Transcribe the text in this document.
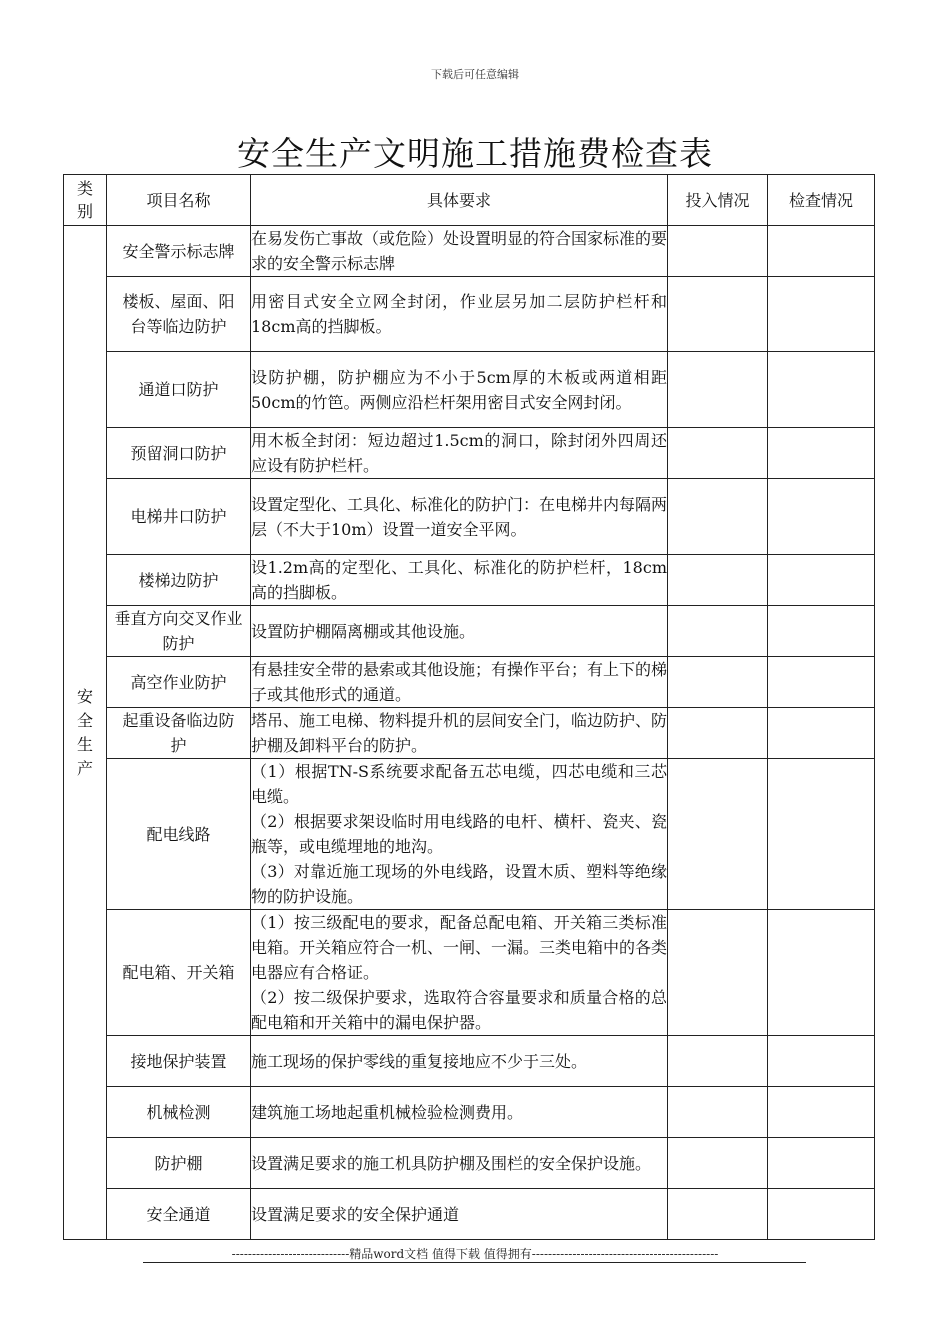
下载后可任意编辑
安全生产文明施工措施费检查表
类别	项目名称	具体要求	投入情况	检查情况
安全生产	安全警示标志牌	在易发伤亡事故（或危险）处设置明显的符合国家标准的要求的安全警示标志牌		

	楼板、屋面、阳台等临边防护	用密目式安全立网全封闭，作业层另加二层防护栏杆和18cm高的挡脚板。		

	通道口防护	设防护棚，防护棚应为不小于5cm厚的木板或两道相距50cm的竹笆。两侧应沿栏杆架用密目式安全网封闭。		

	预留洞口防护	用木板全封闭：短边超过1.5cm的洞口，除封闭外四周还应设有防护栏杆。		

	电梯井口防护	设置定型化、工具化、标准化的防护门：在电梯井内每隔两层（不大于10m）设置一道安全平网。		

	楼梯边防护	设1.2m高的定型化、工具化、标准化的防护栏杆，18cm高的挡脚板。		

	垂直方向交叉作业防护	设置防护棚隔离棚或其他设施。		

	高空作业防护	有悬挂安全带的悬索或其他设施；有操作平台；有上下的梯子或其他形式的通道。		

	起重设备临边防护	塔吊、施工电梯、物料提升机的层间安全门，临边防护、防护棚及卸料平台的防护。		

	配电线路	（1）根据TN-S系统要求配备五芯电缆，四芯电缆和三芯电缆。
（2）根据要求架设临时用电线路的电杆、横杆、瓷夹、瓷瓶等，或电缆埋地的地沟。
（3）对靠近施工现场的外电线路，设置木质、塑料等绝缘物的防护设施。		

	配电箱、开关箱	（1）按三级配电的要求，配备总配电箱、开关箱三类标准电箱。开关箱应符合一机、一闸、一漏。三类电箱中的各类电器应有合格证。
（2）按二级保护要求，选取符合容量要求和质量合格的总配电箱和开关箱中的漏电保护器。		

	接地保护装置	施工现场的保护零线的重复接地应不少于三处。		

	机械检测	建筑施工场地起重机械检验检测费用。		

	防护棚	设置满足要求的施工机具防护棚及围栏的安全保护设施。		

	安全通道	设置满足要求的安全保护通道		

-----------------------------精品word文档 值得下载 值得拥有----------------------------------------------
